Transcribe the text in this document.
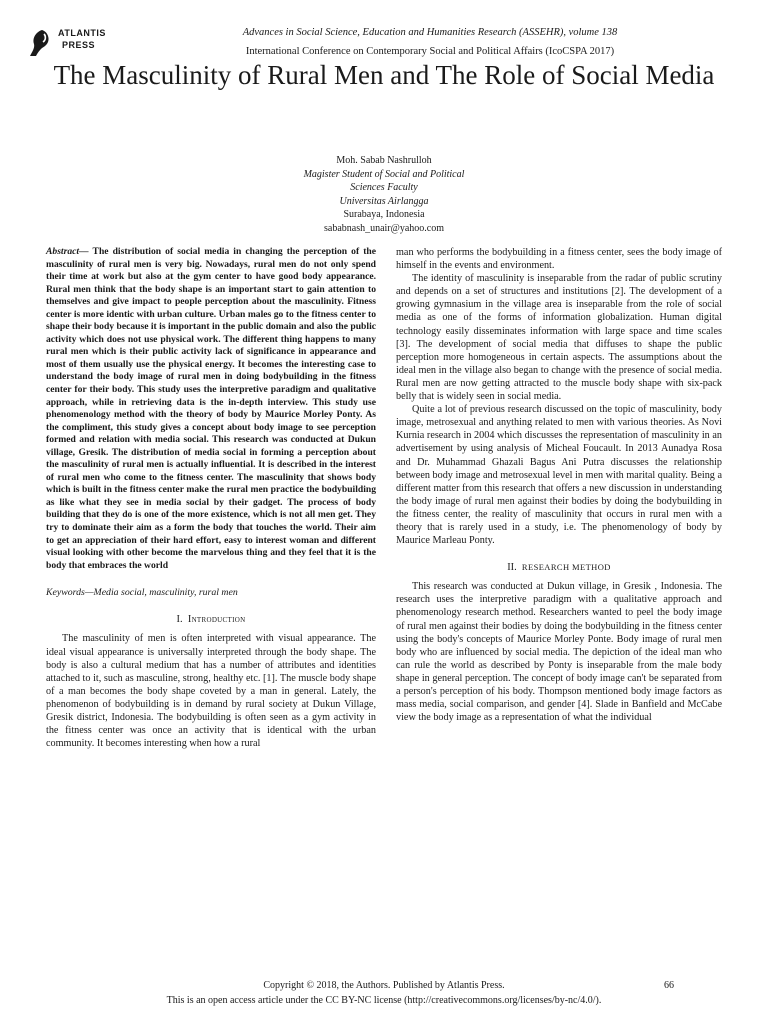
ATLANTIS
PRESS
Advances in Social Science, Education and Humanities Research (ASSEHR), volume 138
International Conference on Contemporary Social and Political Affairs (IcoCSPA 2017)
The Masculinity of Rural Men and The Role of Social Media
Moh. Sabab Nashrulloh
Magister Student of Social and Political
Sciences Faculty
Universitas Airlangga
Surabaya, Indonesia
sababnash_unair@yahoo.com

Abstract— The distribution of social media in changing the perception of the masculinity of rural men is very big. Nowadays, rural men do not only spend their time at work but also at the gym center to have good body appearance. Rural men think that the body shape is an important start to gain attention to themselves and give impact to people perception about the masculinity. Fitness center is more identic with urban culture. Urban males go to the fitness center to shape their body because it is important in the public domain and also the public activity which does not use physical work. The different thing happens to many rural men which is their public activity lack of significance in appearance and most of them usually use the physical energy. It becomes the interesting case to understand the body image of rural men in doing bodybuilding in the fitness center for their body. This study uses the interpretive paradigm and qualitative approach, while in retrieving data is the in-depth interview. This study use phenomenology method with the theory of body by Maurice Morley Ponty. As the compliment, this study gives a concept about body image to see perception formed and relation with media social. This research was conducted at Dukun village, Gresik. The distribution of media social in forming a perception about the masculinity of rural men is actually influential. It is described in the interest of rural men who come to the fitness center. The masculinity that shows body which is built in the fitness center make the rural men practice the bodybuilding as like what they see in media social by their gadget. The process of body building that they do is one of the more existence, which is not all men get. They try to dominate their aim as a form the body that touches the world. Their aim to get an appreciation of their hard effort, easy to interest woman and different visual looking with other become the marvelous thing and they feel that it is the body that embraces the world

Keywords—Media social, masculinity, rural men

I. Introduction

The masculinity of men is often interpreted with visual appearance. The ideal visual appearance is universally interpreted through the body shape. The body is also a cultural medium that has a number of attributes and identities attached to it, such as masculine, strong, healthy etc. [1]. The muscle body shape of a man becomes the body shape coveted by a man in general. Lately, the phenomenon of bodybuilding is in demand by rural society at Dukun Village, Gresik district, Indonesia. The bodybuilding is often seen as a gym activity in the fitness center was once an activity that is identical with the urban community. It becomes interesting when how a rural

man who performs the bodybuilding in a fitness center, sees the body image of himself in the events and environment.

The identity of masculinity is inseparable from the radar of public scrutiny and depends on a set of structures and institutions [2]. The development of a growing gymnasium in the village area is inseparable from the role of social media as one of the forms of information globalization. Human digital technology easily disseminates information with large space and time scales [3]. The development of social media that diffuses to shape the public perception more homogeneous in certain aspects. The assumptions about the ideal men in the village also began to change with the presence of social media. Rural men are now getting attracted to the muscle body shape with six-pack belly that is widely seen in social media.

Quite a lot of previous research discussed on the topic of masculinity, body image, metrosexual and anything related to men with various theories. As Novi Kurnia research in 2004 which discusses the representation of masculinity in an advertisement by using analysis of Micheal Foucault. In 2013 Aunadya Rosa and Dr. Muhammad Ghazali Bagus Ani Putra discusses the relationship between body image and metrosexual level in men with marital quality. Being a different matter from this research that offers a new discussion in understanding the body image of rural men against their bodies by doing the bodybuilding in the fitness center, the reality of masculinity that occurs in rural men with a theory that is rarely used in a study, i.e. The phenomenology of body by Maurice Marleau Ponty.

II. RESEARCH METHOD

This research was conducted at Dukun village, in Gresik , Indonesia. The research uses the interpretive paradigm with a qualitative approach and phenomenology research method. Researchers wanted to peel the body image of rural men against their bodies by doing the bodybuilding in the fitness center using the body's concepts of Maurice Morley Ponte. Body image of rural men body who are influenced by social media. The depiction of the ideal man who can rule the world as described by Ponty is inseparable from the male body shape in general perception. The concept of body image can't be separated from a person's perception of his body. Thompson mentioned body image factors as mass media, social comparison, and gender [4]. Slade in Banfield and McCabe view the body image as a representation of what the individual

Copyright © 2018, the Authors. Published by Atlantis Press.	66
This is an open access article under the CC BY-NC license (http://creativecommons.org/licenses/by-nc/4.0/).
